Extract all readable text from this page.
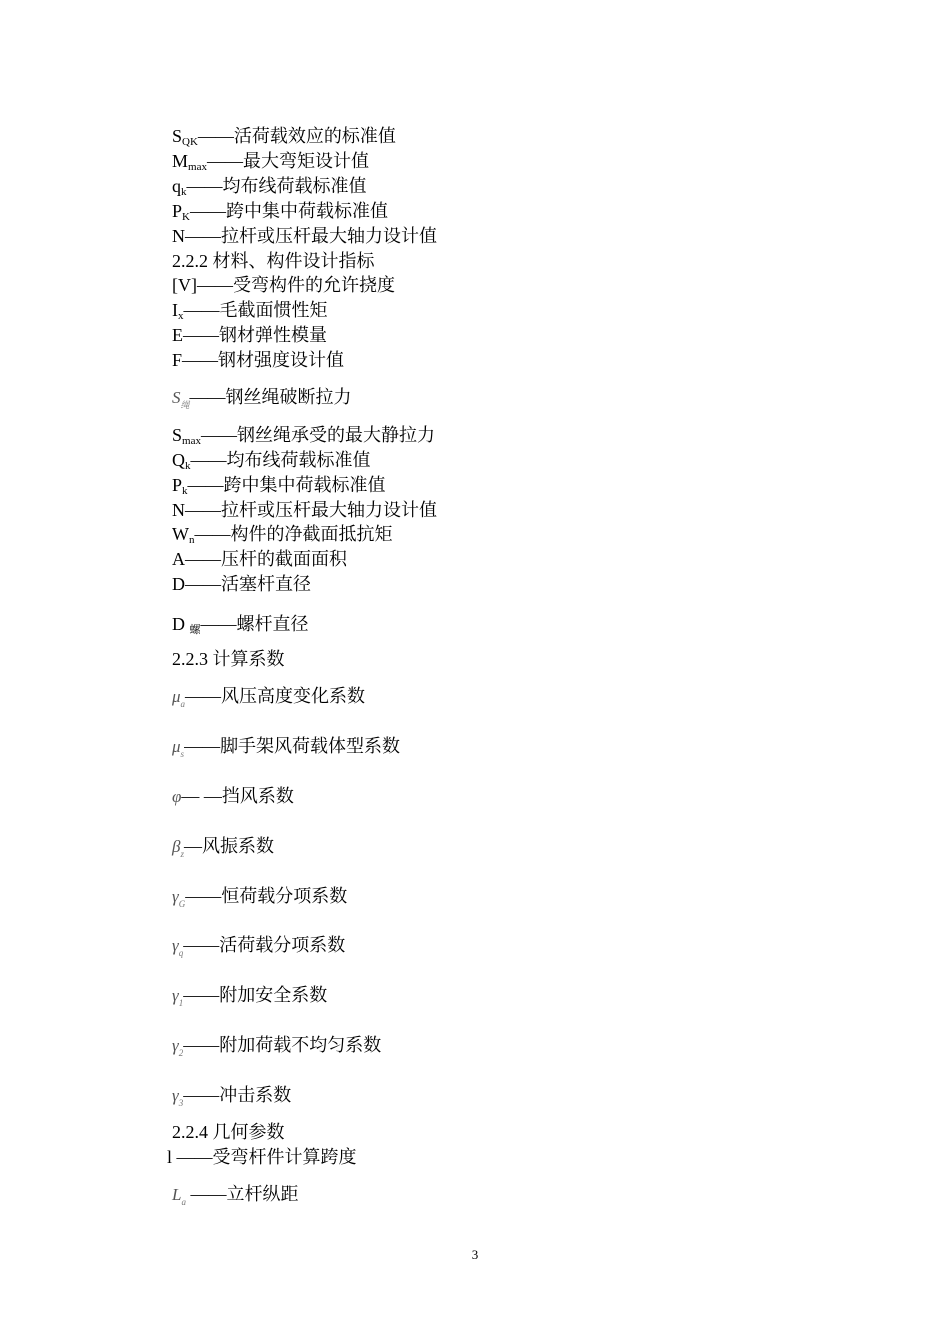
$S_{QK}——$活荷载效应的标准值
$M_{max}——$最大弯矩设计值
$q_k——$均布线荷载标准值
$P_K——$跨中集中荷载标准值
N——拉杆或压杆最大轴力设计值
2.2.2 材料、构件设计指标
[V]——受弯构件的允许挠度
$I_x——$毛截面惯性矩
E——钢材弹性模量
F——钢材强度设计值
$S_绳——$钢丝绳破断拉力
$S_{max}——$钢丝绳承受的最大静拉力
$Q_k——$均布线荷载标准值
$P_k——$跨中集中荷载标准值
N——拉杆或压杆最大轴力设计值
$W_n——$构件的净截面抵抗矩
A——压杆的截面面积
D——活塞杆直径
D $_螺$——螺杆直径
2.2.3 计算系数
$\mu_a——$风压高度变化系数
$\mu_s——$脚手架风荷载体型系数
φ— —挡风系数
$\beta_z—$风振系数
$\gamma_G——$恒荷载分项系数
$\gamma_q——$活荷载分项系数
$\gamma_1——$附加安全系数
$\gamma_2——$附加荷载不均匀系数
$\gamma_3——$冲击系数
2.2.4 几何参数
l ——受弯杆件计算跨度
$L_a$ ——立杆纵距
3
